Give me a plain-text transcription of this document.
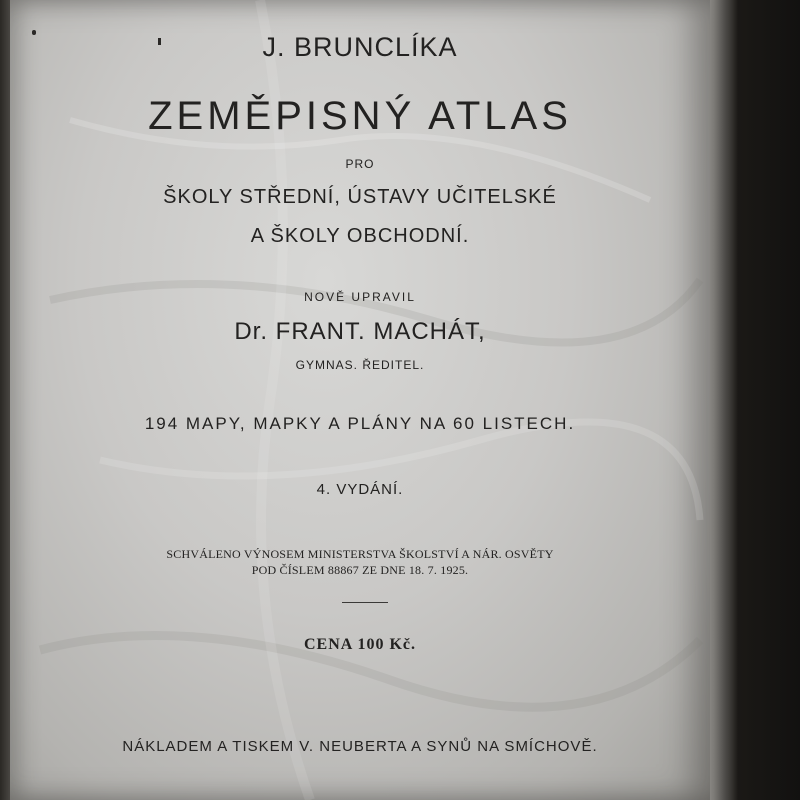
J. BRUNCLÍKA

ZEMĚPISNÝ ATLAS

PRO

ŠKOLY STŘEDNÍ, ÚSTAVY UČITELSKÉ

A ŠKOLY OBCHODNÍ.

NOVĚ UPRAVIL

Dr. FRANT. MACHÁT,

GYMNAS. ŘEDITEL.

194 MAPY, MAPKY A PLÁNY NA 60 LISTECH.

4. VYDÁNÍ.

SCHVÁLENO VÝNOSEM MINISTERSTVA ŠKOLSTVÍ A NÁR. OSVĚTY

POD ČÍSLEM 88867 ZE DNE 18. 7. 1925.

CENA 100 Kč.

NÁKLADEM A TISKEM V. NEUBERTA A SYNŮ NA SMÍCHOVĚ.
